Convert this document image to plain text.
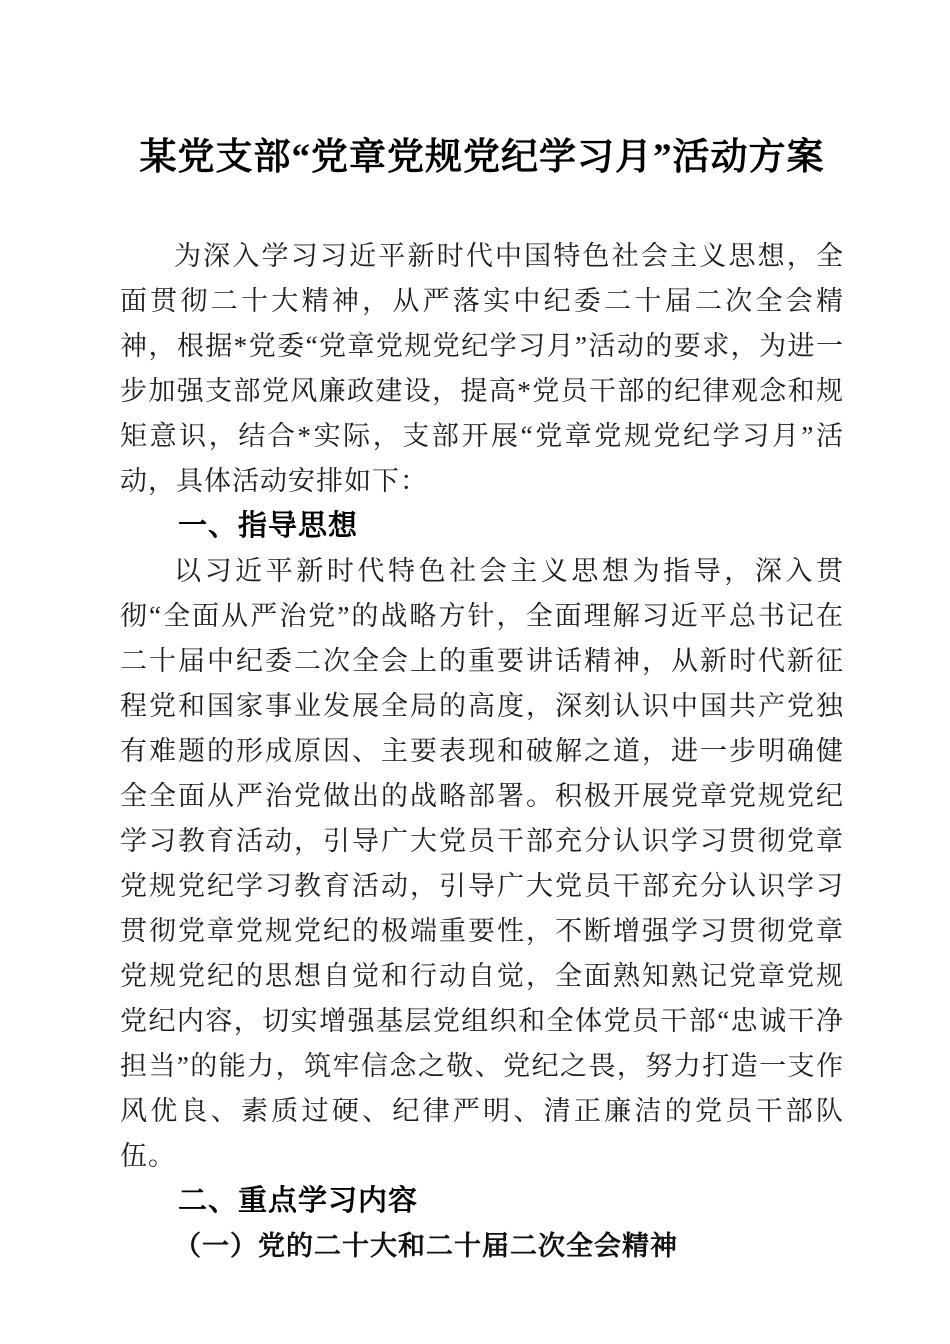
某党支部“党章党规党纪学习月”活动方案

为深入学习习近平新时代中国特色社会主义思想，全面贯彻二十大精神，从严落实中纪委二十届二次全会精神，根据*党委“党章党规党纪学习月”活动的要求，为进一步加强支部党风廉政建设，提高*党员干部的纪律观念和规矩意识，结合*实际，支部开展“党章党规党纪学习月”活动，具体活动安排如下：

一、指导思想

以习近平新时代特色社会主义思想为指导，深入贯彻“全面从严治党”的战略方针，全面理解习近平总书记在二十届中纪委二次全会上的重要讲话精神，从新时代新征程党和国家事业发展全局的高度，深刻认识中国共产党独有难题的形成原因、主要表现和破解之道，进一步明确健全全面从严治党做出的战略部署。积极开展党章党规党纪学习教育活动，引导广大党员干部充分认识学习贯彻党章党规党纪学习教育活动，引导广大党员干部充分认识学习贯彻党章党规党纪的极端重要性，不断增强学习贯彻党章党规党纪的思想自觉和行动自觉，全面熟知熟记党章党规党纪内容，切实增强基层党组织和全体党员干部“忠诚干净担当”的能力，筑牢信念之敬、党纪之畏，努力打造一支作风优良、素质过硬、纪律严明、清正廉洁的党员干部队伍。

二、重点学习内容

（一）党的二十大和二十届二次全会精神
